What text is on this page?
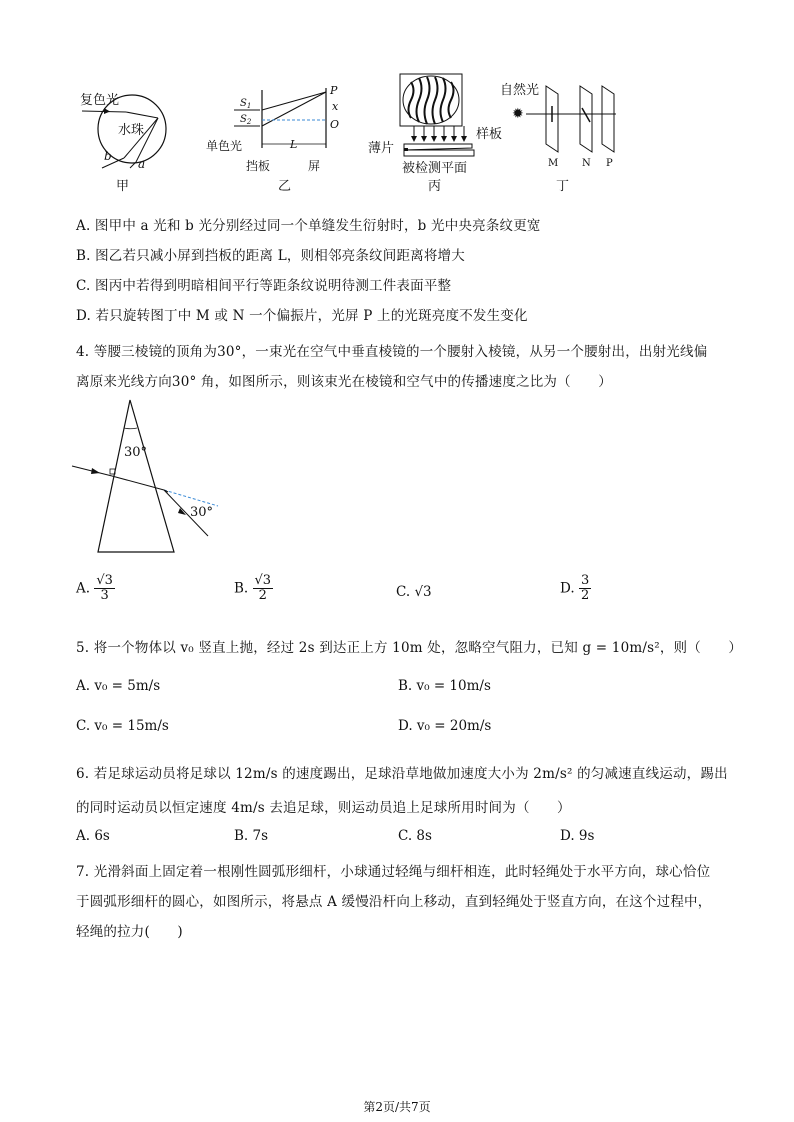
复色光
水珠
b
a
甲
$S_1$
$S_2$
P
x
O
单色光	L
挡板	屏
乙
薄片
样板
被检测平面
丙
自然光
✹
M N P
丁
A. 图甲中 a 光和 b 光分别经过同一个单缝发生衍射时，b 光中央亮条纹更宽
B. 图乙若只减小屏到挡板的距离 L，则相邻亮条纹间距离将增大
C. 图丙中若得到明暗相间平行等距条纹说明待测工件表面平整
D. 若只旋转图丁中 M 或 N 一个偏振片，光屏 P 上的光斑亮度不发生变化
4. 等腰三棱镜的顶角为30°，一束光在空气中垂直棱镜的一个腰射入棱镜，从另一个腰射出，出射光线偏
离原来光线方向30° 角，如图所示，则该束光在棱镜和空气中的传播速度之比为（　　）
30°
30°
A. $\frac{√3}{3}$	B. $\frac{√3}{2}$	C. √3	D. $\frac{3}{2}$
5. 将一个物体以 v₀ 竖直上抛，经过 2s 到达正上方 10m 处，忽略空气阻力，已知 g = 10m/s²，则（　　）
A. v₀ = 5m/s	B. v₀ = 10m/s
C. v₀ = 15m/s	D. v₀ = 20m/s
6. 若足球运动员将足球以 12m/s 的速度踢出，足球沿草地做加速度大小为 2m/s² 的匀减速直线运动，踢出
的同时运动员以恒定速度 4m/s 去追足球，则运动员追上足球所用时间为（　　）
A. 6s	B. 7s	C. 8s	D. 9s
7. 光滑斜面上固定着一根刚性圆弧形细杆，小球通过轻绳与细杆相连，此时轻绳处于水平方向，球心恰位
于圆弧形细杆的圆心，如图所示，将悬点 A 缓慢沿杆向上移动，直到轻绳处于竖直方向，在这个过程中，
轻绳的拉力(　　)
第2页/共7页
